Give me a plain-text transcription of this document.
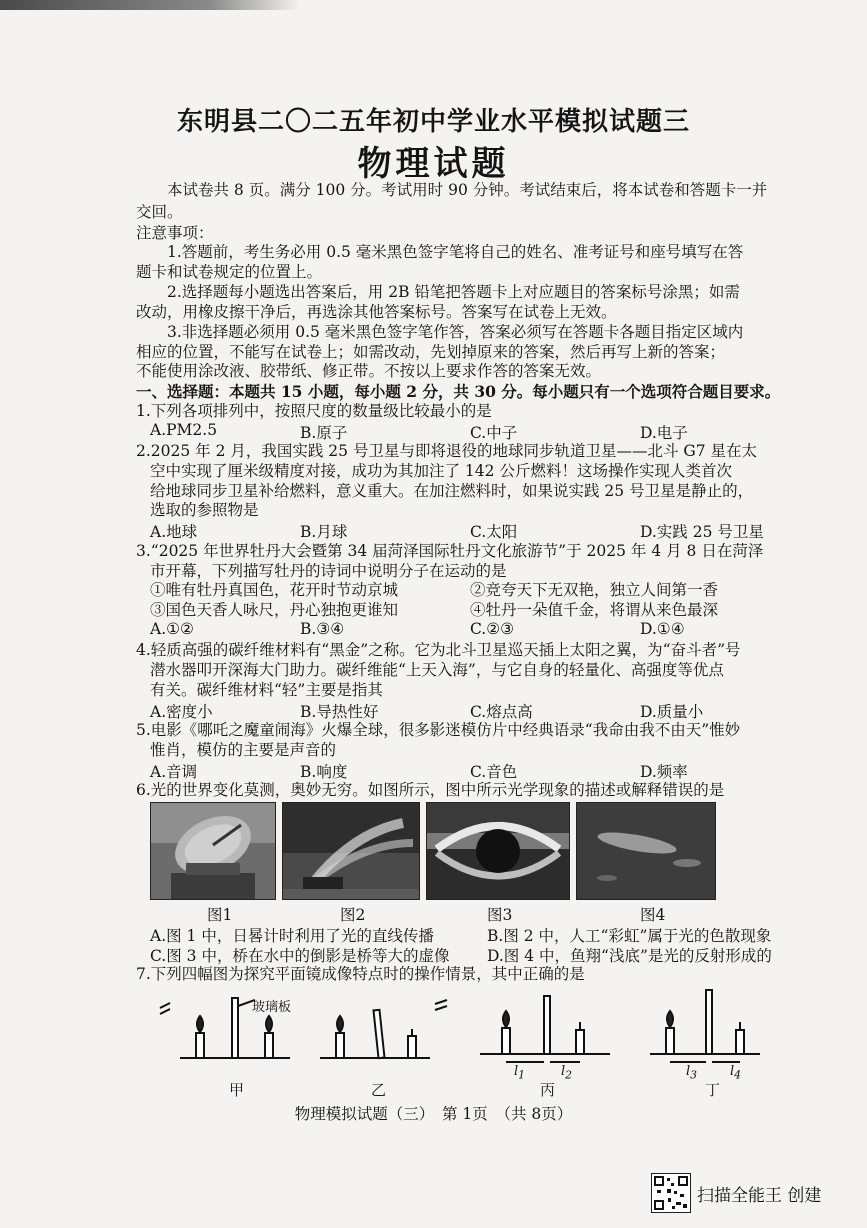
东明县二〇二五年初中学业水平模拟试题三
物理试题
本试卷共 8 页。满分 100 分。考试用时 90 分钟。考试结束后，将本试卷和答题卡一并
交回。
注意事项：
1.答题前，考生务必用 0.5 毫米黑色签字笔将自己的姓名、准考证号和座号填写在答
题卡和试卷规定的位置上。
2.选择题每小题选出答案后，用 2B 铅笔把答题卡上对应题目的答案标号涂黑；如需
改动，用橡皮擦干净后，再选涂其他答案标号。答案写在试卷上无效。
3.非选择题必须用 0.5 毫米黑色签字笔作答，答案必须写在答题卡各题目指定区域内
相应的位置，不能写在试卷上；如需改动，先划掉原来的答案，然后再写上新的答案；
不能使用涂改液、胶带纸、修正带。不按以上要求作答的答案无效。
一、选择题：本题共 15 小题，每小题 2 分，共 30 分。每小题只有一个选项符合题目要求。
1.下列各项排列中，按照尺度的数量级比较最小的是
A.PM2.5	B.原子	C.中子	D.电子
2.2025 年 2 月，我国实践 25 号卫星与即将退役的地球同步轨道卫星——北斗 G7 星在太
空中实现了厘米级精度对接，成功为其加注了 142 公斤燃料！这场操作实现人类首次
给地球同步卫星补给燃料，意义重大。在加注燃料时，如果说实践 25 号卫星是静止的，
选取的参照物是
A.地球	B.月球	C.太阳	D.实践 25 号卫星
3.“2025 年世界牡丹大会暨第 34 届菏泽国际牡丹文化旅游节”于 2025 年 4 月 8 日在菏泽
市开幕，下列描写牡丹的诗词中说明分子在运动的是
①唯有牡丹真国色，花开时节动京城	②竞夸天下无双艳，独立人间第一香
③国色天香人咏尺，丹心独抱更谁知	④牡丹一朵值千金，将谓从来色最深
A.①②	B.③④	C.②③	D.①④
4.轻质高强的碳纤维材料有“黑金”之称。它为北斗卫星巡天插上太阳之翼，为“奋斗者”号
潜水器叩开深海大门助力。碳纤维能“上天入海”，与它自身的轻量化、高强度等优点
有关。碳纤维材料“轻”主要是指其
A.密度小	B.导热性好	C.熔点高	D.质量小
5.电影《哪吒之魔童闹海》火爆全球，很多影迷模仿片中经典语录“我命由我不由天”惟妙
惟肖，模仿的主要是声音的
A.音调	B.响度	C.音色	D.频率
6.光的世界变化莫测，奥妙无穷。如图所示，图中所示光学现象的描述或解释错误的是
图1	图2	图3	图4
A.图 1 中，日晷计时利用了光的直线传播	B.图 2 中，人工“彩虹”属于光的色散现象
C.图 3 中，桥在水中的倒影是桥等大的虚像 D.图 4 中，鱼翔“浅底”是光的反射形成的
7.下列四幅图为探究平面镜成像特点时的操作情景，其中正确的是
玻璃板
$l_1$	$l_2$	$l_3$	$l_4$
甲	乙	丙	丁
物理模拟试题（三）　第 1页　（共 8页）
扫描全能王 创建
